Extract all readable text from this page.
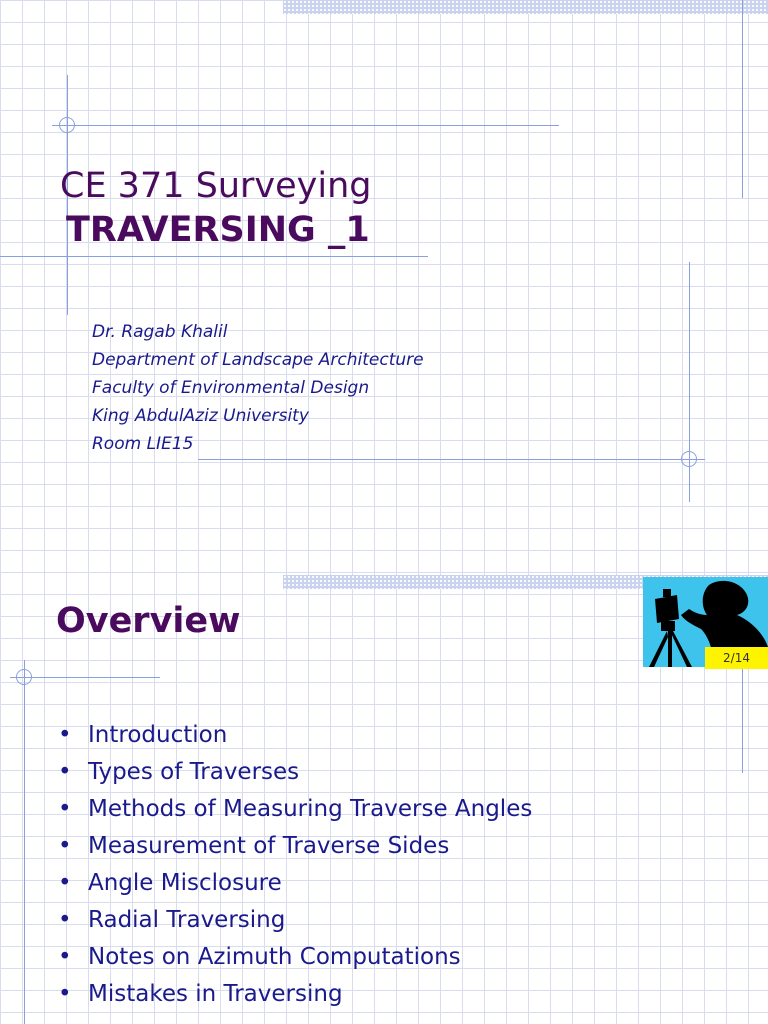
CE 371 Surveying
TRAVERSING _1
Dr. Ragab Khalil
Department of Landscape Architecture
Faculty of Environmental Design
King AbdulAziz University
Room LIE15
Overview
2/14
• Introduction
• Types of Traverses
• Methods of Measuring Traverse Angles
• Measurement of Traverse Sides
• Angle Misclosure
• Radial Traversing
• Notes on Azimuth Computations
• Mistakes in Traversing
